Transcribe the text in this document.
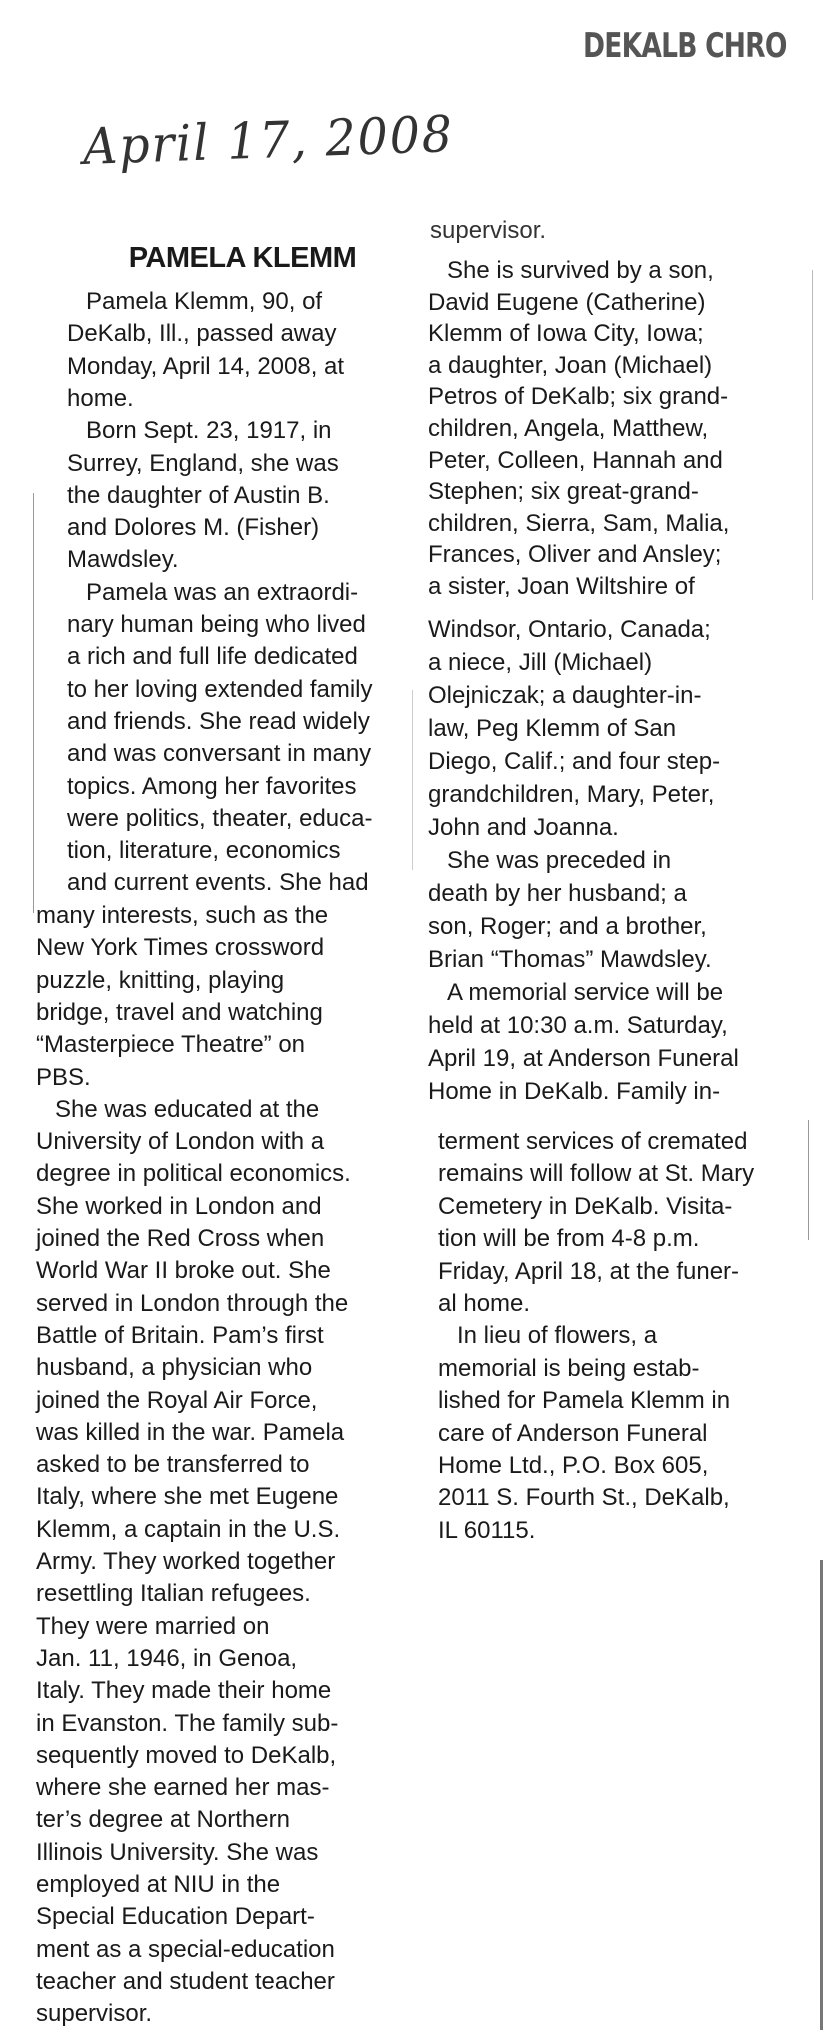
DEKALB CHRO
April 17, 2008
PAMELA KLEMM
supervisor.
Pamela Klemm, 90, of
DeKalb, Ill., passed away
Monday, April 14, 2008, at
home.
Born Sept. 23, 1917, in
Surrey, England, she was
the daughter of Austin B.
and Dolores M. (Fisher)
Mawdsley.
Pamela was an extraordi-
nary human being who lived
a rich and full life dedicated
to her loving extended family
and friends. She read widely
and was conversant in many
topics. Among her favorites
were politics, theater, educa-
tion, literature, economics
and current events. She had
many interests, such as the
New York Times crossword
puzzle, knitting, playing
bridge, travel and watching
“Masterpiece Theatre” on
PBS.
She was educated at the
University of London with a
degree in political economics.
She worked in London and
joined the Red Cross when
World War II broke out. She
served in London through the
Battle of Britain. Pam’s first
husband, a physician who
joined the Royal Air Force,
was killed in the war. Pamela
asked to be transferred to
Italy, where she met Eugene
Klemm, a captain in the U.S.
Army. They worked together
resettling Italian refugees.
They were married on
Jan. 11, 1946, in Genoa,
Italy. They made their home
in Evanston. The family sub-
sequently moved to DeKalb,
where she earned her mas-
ter’s degree at Northern
Illinois University. She was
employed at NIU in the
Special Education Depart-
ment as a special-education
teacher and student teacher
supervisor.
She is survived by a son,
David Eugene (Catherine)
Klemm of Iowa City, Iowa;
a daughter, Joan (Michael)
Petros of DeKalb; six grand-
children, Angela, Matthew,
Peter, Colleen, Hannah and
Stephen; six great-grand-
children, Sierra, Sam, Malia,
Frances, Oliver and Ansley;
a sister, Joan Wiltshire of
Windsor, Ontario, Canada;
a niece, Jill (Michael)
Olejniczak; a daughter-in-
law, Peg Klemm of San
Diego, Calif.; and four step-
grandchildren, Mary, Peter,
John and Joanna.
She was preceded in
death by her husband; a
son, Roger; and a brother,
Brian “Thomas” Mawdsley.
A memorial service will be
held at 10:30 a.m. Saturday,
April 19, at Anderson Funeral
Home in DeKalb. Family in-
terment services of cremated
remains will follow at St. Mary
Cemetery in DeKalb. Visita-
tion will be from 4-8 p.m.
Friday, April 18, at the funer-
al home.
In lieu of flowers, a
memorial is being estab-
lished for Pamela Klemm in
care of Anderson Funeral
Home Ltd., P.O. Box 605,
2011 S. Fourth St., DeKalb,
IL 60115.
